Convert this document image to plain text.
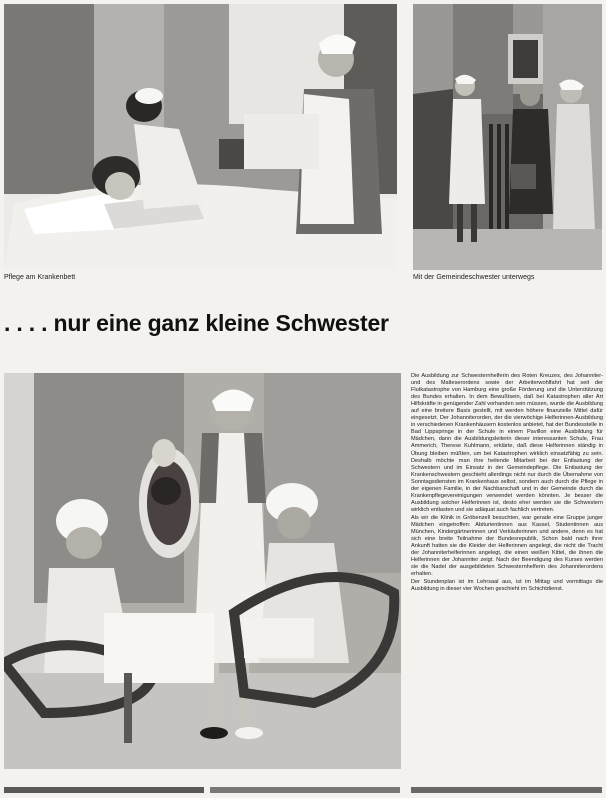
Pflege am Krankenbett	Mit der Gemeindeschwester unterwegs
. . . . nur eine ganz kleine Schwester

Die Ausbildung zur Schwesternhelferin des Roten Kreuzes, des Johanniter- und des Malteserordens sowie der Arbeiterwohlfahrt hat seit der Flutkatastrophe von Hamburg eine große Förderung und die Unterstützung des Bundes erhalten. In dem Bewußtsein, daß bei Katastrophen aller Art Hilfskräfte in genügender Zahl vorhanden sein müssen, wurde die Ausbildung auf eine breitere Basis gestellt, mit werden höhere finanzielle Mittel dafür eingesetzt. Der Johanniterorden, der die vierwöchige Helferinnen-Ausbildung in verschiedenen Krankenhäusern kostenlos anbietet, hat der Bundesstelle in Bad Lippspringe in der Schule in einem Pavillon eine Ausbildung für Mädchen, dann die Ausbildungsleiterin dieser interessanten Schule, Frau Ammerich, Therese Kuhlmann, erklärte, daß diese Helferinnen ständig in Übung bleiben müßten, um bei Katastrophen wirklich einsatzfähig zu sein. Deshalb möchte man ihre heilende Mitarbeit bei der Entlastung der Schwestern und im Einsatz in der Gemeindepflege. Die Entlastung der Krankenschwestern geschieht allerdings nicht nur durch die Übernahme von Sonntagsdiensten im Krankenhaus selbst, sondern auch durch die Pflege in der eigenen Familie, in der Nachbarschaft und in der Gemeinde durch die Krankenpflegevereinigungen verwendet werden könnten. Je besser die Ausbildung solcher Helferinnen ist, desto eher werden sie die Schwestern wirklich entlasten und sie adäquat auch fachlich vertreten.

Als wir die Klinik in Gröbenzell besuchten, war gerade eine Gruppe junger Mädchen eingetroffen: Abiturientinnen aus Kassel, Studentinnen aus München, Kindergärtnerinnen und Verkäuferinnen und andere, denn es hat sich eine breite Teilnahme der Bundesrepublik, Schon bald nach ihrer Ankunft hatten sie die Kleider der Helferinnen angelegt, die nicht die Tracht der Johanniterhelferinnen angelegt, die einen weißen Kittel, die ihnen die Helferinnen der Johanniter zeigt. Nach der Beendigung des Kurses werden sie die Nadel der ausgebildeten Schwesternhelferin des Johanniterordens erhalten.

Der Stundenplan ist im Lehrsaal aus, ist im Mittag und vormittags die Ausbildung in dieser vier Wochen geschieht im Schichtdienst.
